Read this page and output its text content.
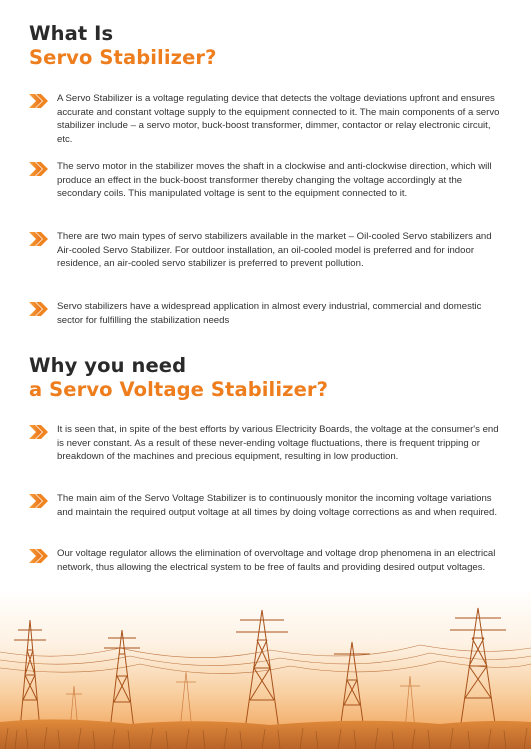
What Is
Servo Stabilizer?

A Servo Stabilizer is a voltage regulating device that detects the voltage deviations upfront and ensures accurate and constant voltage supply to the equipment connected to it. The main components of a servo stabilizer include – a servo motor, buck-boost transformer, dimmer, contactor or relay electronic circuit, etc.

The servo motor in the stabilizer moves the shaft in a clockwise and anti-clockwise direction, which will produce an effect in the buck-boost transformer thereby changing the voltage accordingly at the secondary coils. This manipulated voltage is sent to the equipment connected to it.

There are two main types of servo stabilizers available in the market – Oil-cooled Servo stabilizers and Air-cooled Servo Stabilizer. For outdoor installation, an oil-cooled model is preferred and for indoor residence, an air-cooled servo stabilizer is preferred to prevent pollution.

Servo stabilizers have a widespread application in almost every industrial, commercial and domestic sector for fulfilling the stabilization needs

Why you need
a Servo Voltage Stabilizer?

It is seen that, in spite of the best efforts by various Electricity Boards, the voltage at the consumer's end is never constant. As a result of these never-ending voltage fluctuations, there is frequent tripping or breakdown of the machines and precious equipment, resulting in low production.

The main aim of the Servo Voltage Stabilizer is to continuously monitor the incoming voltage variations and maintain the required output voltage at all times by doing voltage corrections as and when required.

Our voltage regulator allows the elimination of overvoltage and voltage drop phenomena in an electrical network, thus allowing the electrical system to be free of faults and providing desired output voltages.
